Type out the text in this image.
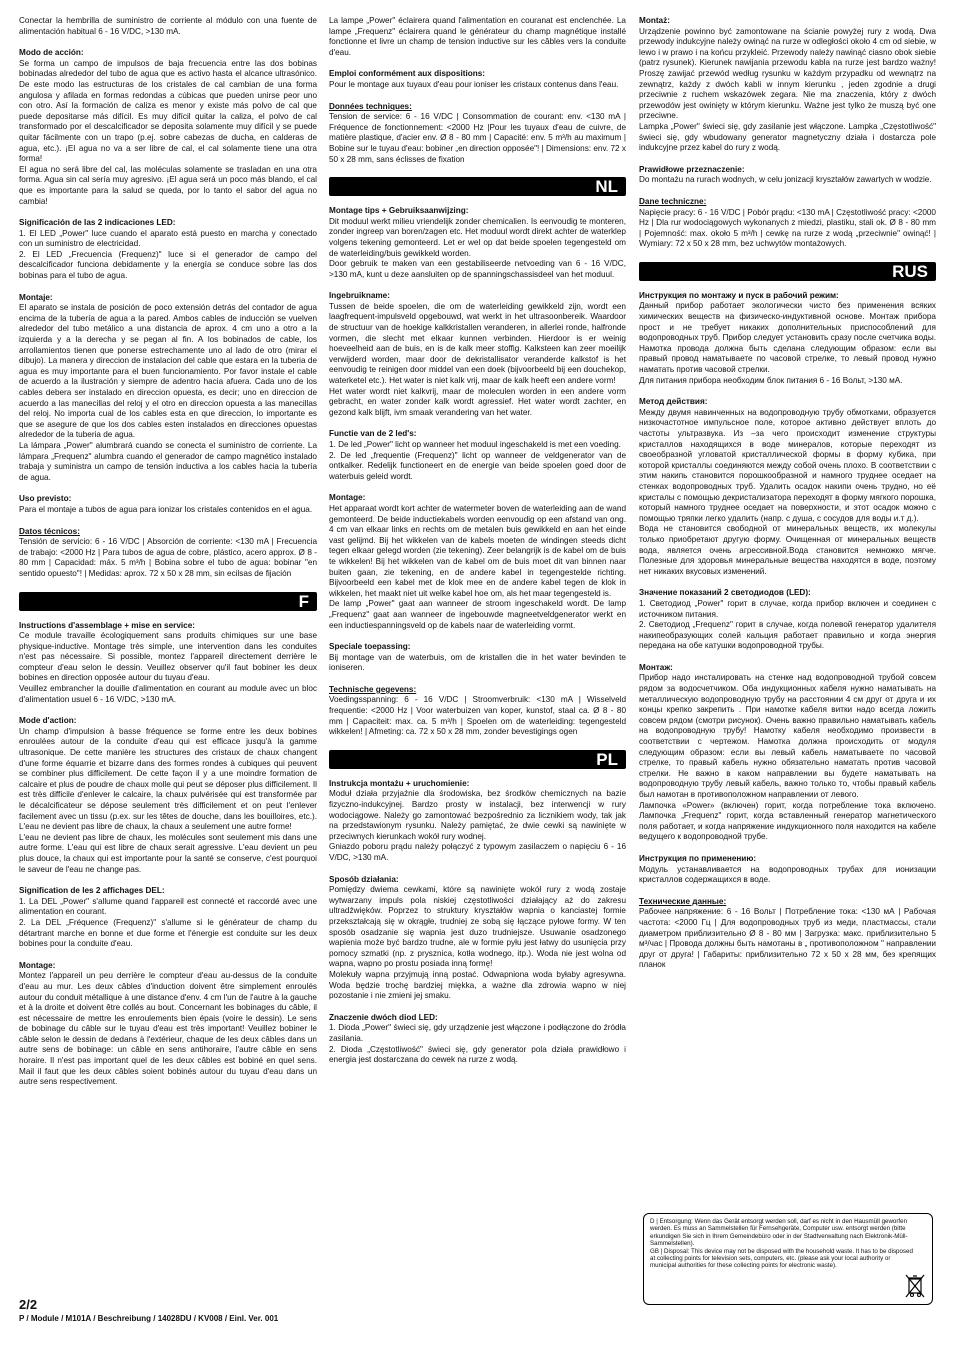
Conectar la hembrilla de suministro de corriente al módulo con una fuente de alimentación habitual 6 - 16 V/DC, >130 mA.

Modo de acción:

Se forma un campo de impulsos de baja frecuencia entre las dos bobinas bobinadas alrededor del tubo de agua que es activo hasta el alcance ultrasónico. De este modo las estructuras de los cristales de cal cambian de una forma angulosa y afilada en formas redondas a cúbicas que pueden unirse peor uno con otro. Así la formación de caliza es menor y existe más polvo de cal que puede depositarse más difícil. Es muy difícil quitar la caliza, el polvo de cal transformado por el descalcificador se deposita solamente muy difícil y se puede quitar fácilmente con un trapo (p.ej. sobre cabezas de ducha, en calderas de agua, etc.). ¡El agua no va a ser libre de cal, el cal solamente tiene una otra forma!
El agua no será libre del cal, las moléculas solamente se trasladan en una otra forma. Agua sin cal sería muy agresivo. ¡El agua será un poco más blando, el cal que es importante para la salud se queda, por lo tanto el sabor del agua no cambia!

Significación de las 2 indicaciones LED:

1. El LED „Power" luce cuando el aparato está puesto en marcha y conectado con un suministro de electricidad.
2. El LED „Frecuencia (Frequenz)" luce si el generador de campo del descalcificador funciona debidamente y la energía se conduce sobre las dos bobinas para el tubo de agua.

Montaje:

El aparato se instala de posición de poco extensión detrás del contador de agua encima de la tubería de agua a la pared. Ambos cables de inducción se vuelven alrededor del tubo metálico a una distancia de aprox. 4 cm uno a otro a la izquierda y a la derecha y se pegan al fin. A los bobinados de cable, los arrollamientos tienen que ponerse estrechamente uno al lado de otro (mirar el dibujo). La manera y direccion de instalacion del cable que estara en la tuberia de agua es muy importante para el buen funcionamiento. Por favor instale el cable de acuerdo a la ilustración y siempre de adentro hacia afuera. Cada uno de los cables debera ser instalado en direccion opuesta, es decir; uno en direccion de acuerdo a las manecillas del reloj y el otro en direccion opuesta a las manecillas del reloj. No importa cual de los cables esta en que direccion, lo importante es que se asegure de que los dos cables esten instalados en direcciones opuestas alrededor de la tuberia de agua.
La lámpara „Power" alumbrará cuando se conecta el suministro de corriente. La lámpara „Frequenz" alumbra cuando el generador de campo magnético instalado trabaja y suministra un campo de tensión inductiva a los cables hacia la tubería de agua.

Uso previsto:

Para el montaje a tubos de agua para ionizar los cristales contenidos en el agua.

Datos técnicos:

Tensión de servicio: 6 - 16 V/DC | Absorción de corriente: <130 mA | Frecuencia de trabajo: <2000 Hz | Para tubos de agua de cobre, plástico, acero approx. Ø 8 - 80 mm | Capacidad: máx. 5 m³/h | Bobina sobre el tubo de agua: bobinar "en sentido opuesto"! | Medidas: aprox. 72 x 50 x 28 mm, sin ecilsas de fijación

F
Instructions d'assemblage + mise en service:

Ce module travaille écologiquement sans produits chimiques sur une base physique-inductive. Montage très simple, une intervention dans les conduites n'est pas nécessaire. Si possible, montez l'appareil directement derrière le compteur d'eau selon le dessin. Veuillez observer qu'il faut bobiner les deux bobines en direction opposée autour du tuyau d'eau.
Veuillez embrancher la douille d'alimentation en courant au module avec un bloc d'alimentation usuel 6 - 16 V/DC, >130 mA.

Mode d'action:

Un champ d'impulsion à basse fréquence se forme entre les deux bobines enroulées autour de la conduite d'eau qui est efficace jusqu'à la gamme ultrasonique. De cette manière les structures des cristaux de chaux changent d'une forme équarrie et bizarre dans des formes rondes à cubiques qui peuvent se combiner plus difficilement. De cette façon il y a une moindre formation de calcaire et plus de poudre de chaux molle qui peut se déposer plus difficilement. Il est très difficile d'enlever le calcaire, la chaux pulvérisée qui est transformée par le décalcificateur se dépose seulement très difficilement et on peut l'enlever facilement avec un tissu (p.ex. sur les têtes de douche, dans les bouilloires, etc.). L'eau ne devient pas libre de chaux, la chaux a seulement une autre forme!
L'eau ne devient pas libre de chaux, les molécules sont seulement mis dans une autre forme. L'eau qui est libre de chaux serait agressive. L'eau devient un peu plus douce, la chaux qui est importante pour la santé se conserve, c'est pourquoi le saveur de l'eau ne change pas.

Signification de les 2 affichages DEL:

1. La DEL „Power" s'allume quand l'appareil est connecté et raccordé avec une alimentation en courant.
2. La DEL „Fréquence (Frequenz)" s'allume si le générateur de champ du détartrant marche en bonne et due forme et l'énergie est conduite sur les deux bobines pour la conduite d'eau.

Montage:

Montez l'appareil un peu derrière le compteur d'eau au-dessus de la conduite d'eau au mur. Les deux câbles d'induction doivent être simplement enroulés autour du conduit métallique à une distance d'env. 4 cm l'un de l'autre à la gauche et à la droite et doivent être collés au bout. Concernant les bobinages du câble, il est nécessaire de mettre les enroulements bien épais (voire le dessin). Le sens de bobinage du câble sur le tuyau d'eau est très important! Veuillez bobiner le câble selon le dessin de dedans à l'extérieur, chaque de les deux câbles dans un autre sens de bobinage: un câble en sens antihoraire, l'autre câble en sens horaire. Il n'est pas important quel de les deux câbles est bobiné en quel sens. Mail il faut que les deux câbles soient bobinés autour du tuyau d'eau dans un autre sens respectivement.

La lampe „Power" éclairera quand l'alimentation en couranat est enclenchée. La lampe „Frequenz" éclairera quand le générateur du champ magnétique installé fonctionne et livre un champ de tension inductive sur les câbles vers la conduite d'eau.

Emploi conformément aux dispositions:

Pour le montage aux tuyaux d'eau pour ioniser les cristaux contenus dans l'eau.

Données techniques:

Tension de service: 6 - 16 V/DC | Consommation de courant: env. <130 mA | Fréquence de fonctionnement: <2000 Hz |Pour les tuyaux d'eau de cuivre, de matière plastique, d'acier env. Ø 8 - 80 mm | Capacité: env. 5 m³/h au maximum | Bobine sur le tuyau d'eau: bobiner „en direction opposée"! | Dimensions: env. 72 x 50 x 28 mm, sans éclisses de fixation

NL
Montage tips + Gebruiksaanwijzing:

Dit moduul werkt milieu vriendelijk zonder chemicalien. Is eenvoudig te monteren, zonder ingreep van boren/zagen etc. Het moduul wordt direkt achter de waterklep volgens tekening gemonteerd. Let er wel op dat beide spoelen tegengesteld om de waterleiding/buis gewikkeld worden.
Door gebruik te maken van een gestabiliseerde netvoeding van 6 - 16 V/DC, >130 mA, kunt u deze aansluiten op de spanningschassisdeel van het moduul.

Ingebruikname:

Tussen de beide spoelen, die om de waterleiding gewikkeld zijn, wordt een laagfrequent-impulsveld opgebouwd, wat werkt in het ultrasoonbereik. Waardoor de structuur van de hoekige kalkkristallen veranderen, in allerlei ronde, halfronde vormen, die slecht met elkaar kunnen verbinden. Hierdoor is er weinig hoeveelheid aan de buis, en is de kalk meer stoffig. Kalksteen kan zeer moeilijk verwijderd worden, maar door de dekristallisator veranderde kalkstof is het eenvoudig te reinigen door middel van een doek (bijvoorbeeld bij een douchekop, waterketel etc.). Het water is niet kalk vrij, maar de kalk heeft een andere vorm!
Het water wordt niet kalkvrij, maar de moleculen worden in een andere vorm gebracht, en water zonder kalk wordt agressief. Het water wordt zachter, en gezond kalk blijft, ivm smaak verandering van het water.

Functie van de 2 led's:

1. De led „Power" licht op wanneer het moduul ingeschakeld is met een voeding.
2. De led „frequentie (Frequenz)" licht op wanneer de veldgenerator van de ontkalker. Redelijk functioneert en de energie van beide spoelen goed door de waterbuis geleid wordt.

Montage:

Het apparaat wordt kort achter de watermeter boven de waterleiding aan de wand gemonteerd. De beide inductiekabels worden eenvoudig op een afstand van ong. 4 cm van elkaar links en rechts om de metalen buis gewikkeld en aan het einde vast gelijmd. Bij het wikkelen van de kabels moeten de windingen steeds dicht tegen elkaar gelegd worden (zie tekening). Zeer belangrijk is de kabel om de buis te wikkelen! Bij het wikkelen van de kabel om de buis moet dit van binnen naar buiten gaan, zie tekening, en de andere kabel in tegengestelde richting. Bijvoorbeeld een kabel met de klok mee en de andere kabel tegen de klok in wikkelen, het maakt niet uit welke kabel hoe om, als het maar tegengesteld is.
De lamp „Power" gaat aan wanneer de stroom ingeschakeld wordt. De lamp „Frequenz" gaat aan wanneer de ingebouwde magneetveldgenerator werkt en een inductiespanningsveld op de kabels naar de waterleiding vormt.

Speciale toepassing:

Bij montage van de waterbuis, om de kristallen die in het water bevinden te ioniseren.

Technische gegevens:

Voedingsspanning: 6 - 16 V/DC | Stroomverbruik: <130 mA | Wisselveld frequentie: <2000 Hz | Voor waterbuizen van koper, kunstof, staal ca. Ø 8 - 80 mm | Capaciteit: max. ca. 5 m³/h | Spoelen om de waterleiding: tegengesteld wikkelen! | Afmeting: ca. 72 x 50 x 28 mm, zonder bevestigings ogen

PL
Instrukcja montażu + uruchomienie:

Moduł działa przyjaźnie dla środowiska, bez środków chemicznych na bazie fizyczno-indukcyjnej. Bardzo prosty w instalacji, bez interwencji w rury wodociągowe. Należy go zamontować bezpośrednio za licznikiem wody, tak jak na przedstawionym rysunku. Należy pamiętać, że dwie cewki są nawinięte w przeciwnych kierunkach wokół rury wodnej.
Gniazdo poboru prądu należy połączyć z typowym zasilaczem o napięciu 6 - 16 V/DC, >130 mA.

Sposób działania:

Pomiędzy dwiema cewkami, które są nawinięte wokół rury z wodą zostaje wytwarzany impuls pola niskiej częstotliwości działający aż do zakresu ultradźwięków. Poprzez to struktury kryształów wapnia o kanciastej formie przekształcają się w okrągłe, trudniej ze sobą się łączące pyłowe formy. W ten sposób osadzanie się wapnia jest duzo trudniejsze. Usuwanie osadzonego wapienia może być bardzo trudne, ale w formie pyłu jest łatwy do usunięcia przy pomocy szmatki (np. z prysznica, kotła wodnego, itp.). Woda nie jest wolna od wapna, wapno po prostu posiada inną formę!
Molekuły wapna przyjmują inną postać. Odwapniona woda byłaby agresywna. Woda będzie trochę bardziej miękka, a ważne dla zdrowia wapno w niej pozostanie i nie zmieni jej smaku.

Znaczenie dwóch diod LED:

1. Dioda „Power" świeci się, gdy urządzenie jest włączone i podłączone do źródła zasilania.
2. Dioda „Częstotliwość" świeci się, gdy generator pola działa prawidłowo i energia jest dostarczana do cewek na rurze z wodą.

Montaż:

Urządzenie powinno być zamontowane na ścianie powyżej rury z wodą. Dwa przewody indukcyjne należy owinąć na rurze w odległości około 4 cm od siebie, w lewo i w prawo i na końcu przykleić. Przewody należy nawinąć ciasno obok siebie (patrz rysunek). Kierunek nawijania przewodu kabla na rurze jest bardzo ważny! Proszę zawijać przewód według rysunku w każdym przypadku od wewnątrz na zewnątrz, każdy z dwóch kabli w innym kierunku , jeden zgodnie a drugi przeciwnie z ruchem wskazówek zegara. Nie ma znaczenia, który z dwóch przewodów jest owinięty w którym kierunku. Ważne jest tylko że muszą być one przeciwne.
Lampka „Power" świeci się, gdy zasilanie jest włączone. Lampka „Częstotliwość" świeci się, gdy wbudowany generator magnetyczny działa i dostarcza pole indukcyjne przez kabel do rury z wodą.

Prawidłowe przeznaczenie:

Do montażu na rurach wodnych, w celu jonizacji kryształów zawartych w wodzie.

Dane techniczne:

Napięcie pracy: 6 - 16 V/DC | Pobór prądu: <130 mA | Częstotliwość pracy: <2000 Hz | Dla rur wodociągowych wykonanych z miedzi, plastiku, stali ok. Ø 8 - 80 mm | Pojemność: max. około 5 m³/h | cewkę na rurze z wodą „przeciwnie" owinąć! | Wymiary: 72 x 50 x 28 mm, bez uchwytów montażowych.

RUS
Инструкция по монтажу и пуск в рабочий режим:

Данный прибор работает экологически чисто без применения всяких химических веществ на физическо-индуктивной основе. Монтаж прибора прост и не требует никаких дополнительных приспособлений для водопроводных труб. Прибор следует установить сразу после счетчика воды. Намотка провода должна быть сделана следующим образом: если вы правый провод наматываете по часовой стрелке, то левый провод нужно наматать против часовой стрелки.
Для питания прибора необходим блок питания 6 - 16 Вольт, >130 мА.

Метод действия:

Между двумя навинченных на водопроводную трубу обмотками, образуется низкочастотное импульсное поле, которое активно действует вплоть до частоты ультразвука. Из –за чего происходит изменение структуры кристаллов находящихся в воде минералов, которые переходят из своеобразной угловатой кристаллической формы в форму кубика, при которой кристаллы соединяются между собой очень плохо. В соответствии с этим накипь становится порошкообразной и намного труднее оседает на стенках водопроводных труб. Удалить осадок накипи очень трудно, но её кристалы с помощью декристализатора переходят в форму мягкого порошка, который намного труднее оседает на поверхности, и этот осадок можно с помощью тряпки легко удалить (напр. с душа, с сосудов для воды и.т д.).
Вода не становится свободной от минеральных веществ, их молекулы только приобретают другую форму. Очищенная от минеральных веществ вода, является очень агрессивной.Вода становится немножко мягче. Полезные для здоровья минеральные вещества находятся в воде, поэтому нет никаких вкусовых изменений.

Значение показаний 2 светодиодов (LED):

1. Светодиод „Power" горит в случае, когда прибор включен и соединен с источником питания.
2. Светодиод „Frequenz" горит в случае, когда полевой генератор удалителя накипеобразующих солей кальция работает правильно и когда энергия передана на обе катушки водопроводной трубы.

Монтаж:

Прибор надо инсталировать на стенке над водопроводной трубой совсем рядом за водосчетчиком. Оба индукционных кабеля нужно наматывать на металлическую водопроводную трубу на расстоянии 4 см друг от друга и их концы крепко закрепить . При намотке кабеля витки надо всегда ложить совсем рядом (смотри рисунок). Очень важно правильно наматывать кабель на водопроводную трубу! Намотку кабеля необходимо произвести в соответствии с чертежом. Намотка должна происходить от модуля следующим образом: если вы левый кабель наматываете по часовой стрелке, то правый кабель нужно обязательно наматать против часовой стрелки. Не важно в каком направлении вы будете наматывать на водопроводную трубу левый кабель, важно только то, чтобы правый кабель был намотан в противоположном направлении от левого.
Лампочка «Power» (включен) горит, когда потребление тока включено. Лампочка „Frequenz" горит, когда вставленный генератор магнетического поля работает, и когда напряжение индукционного поля находится на кабеле ведущего к водопроводной трубе.

Инструкция по применению:

Модуль устанавливается на водопроводных трубах для ионизации кристаллов содержащихся в воде.

Технические данные:

Рабочее напряжение: 6 - 16 Вольт | Потребление тока: <130 мА | Рабочая частота: <2000 Гц | Для водопроводных труб из меди, пластмассы, стали диаметром приблизительно Ø 8 - 80 мм | Загрузка: макс. приблизительно 5 м³/час | Провода должны быть намотаны в „ противоположном " направлении друг от друга! | Габариты: приблизительно 72 x 50 x 28 мм, без крепящих планок

2/2
P / Module / M101A / Beschreibung / 14028DU / KV008 / Einl. Ver. 001
D | Entsorgung: Wenn das Gerät entsorgt werden soll, darf es nicht in den Hausmüll geworfen werden. Es muss an Sammelstellen für Fernsehgeräte, Computer usw. entsorgt werden (bitte erkundigen Sie sich in Ihrem Gemeindebüro oder in der Stadtverwaltung nach Elektronik-Müll-Sammelstellen).
GB | Disposal: This device may not be disposed with the household waste. It has to be disposed at collecting points for television sets, computers, etc. (please ask your local authority or municipal authorities for these collecting points for electronic waste).
